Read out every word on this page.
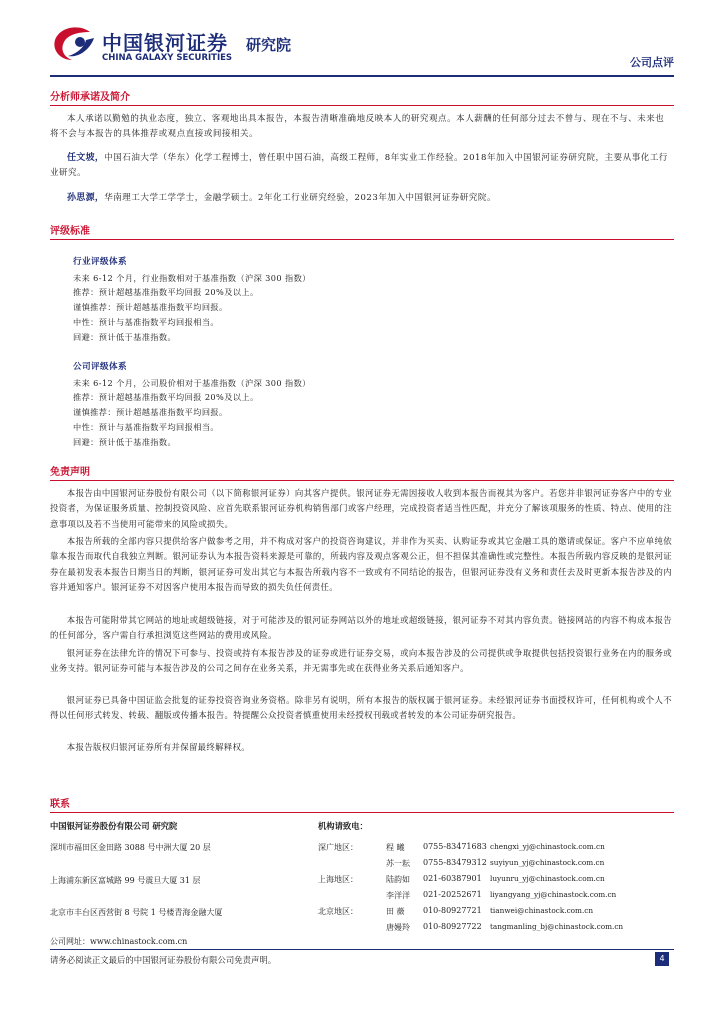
中国银河证券
CHINA GALAXY SECURITIES
研究院
公司点评
分析师承诺及简介

本人承诺以勤勉的执业态度，独立、客观地出具本报告，本报告清晰准确地反映本人的研究观点。本人薪酬的任何部分过去不曾与、现在不与、未来也将不会与本报告的具体推荐或观点直接或间接相关。

任文坡，中国石油大学（华东）化学工程博士，曾任职中国石油，高级工程师，8年实业工作经验。2018年加入中国银河证券研究院，主要从事化工行业研究。

孙思源，华南理工大学工学学士，金融学硕士。2年化工行业研究经验，2023年加入中国银河证券研究院。

评级标准
行业评级体系
未来 6-12 个月，行业指数相对于基准指数（沪深 300 指数）
推荐：预计超越基准指数平均回报 20%及以上。
谨慎推荐：预计超越基准指数平均回报。
中性：预计与基准指数平均回报相当。
回避：预计低于基准指数。
公司评级体系
未来 6-12 个月，公司股价相对于基准指数（沪深 300 指数）
推荐：预计超越基准指数平均回报 20%及以上。
谨慎推荐：预计超越基准指数平均回报。
中性：预计与基准指数平均回报相当。
回避：预计低于基准指数。
免责声明

本报告由中国银河证券股份有限公司（以下简称银河证券）向其客户提供。银河证券无需因接收人收到本报告而视其为客户。若您并非银河证券客户中的专业投资者，为保证服务质量、控制投资风险、应首先联系银河证券机构销售部门或客户经理，完成投资者适当性匹配，并充分了解该项服务的性质、特点、使用的注意事项以及若不当使用可能带来的风险或损失。

本报告所载的全部内容只提供给客户做参考之用，并不构成对客户的投资咨询建议，并非作为买卖、认购证券或其它金融工具的邀请或保证。客户不应单纯依靠本报告而取代自我独立判断。银河证券认为本报告资料来源是可靠的，所载内容及观点客观公正，但不担保其准确性或完整性。本报告所载内容反映的是银河证券在最初发表本报告日期当日的判断，银河证券可发出其它与本报告所载内容不一致或有不同结论的报告，但银河证券没有义务和责任去及时更新本报告涉及的内容并通知客户。银河证券不对因客户使用本报告而导致的损失负任何责任。

本报告可能附带其它网站的地址或超级链接，对于可能涉及的银河证券网站以外的地址或超级链接，银河证券不对其内容负责。链接网站的内容不构成本报告的任何部分，客户需自行承担浏览这些网站的费用或风险。

银河证券在法律允许的情况下可参与、投资或持有本报告涉及的证券或进行证券交易，或向本报告涉及的公司提供或争取提供包括投资银行业务在内的服务或业务支持。银河证券可能与本报告涉及的公司之间存在业务关系，并无需事先或在获得业务关系后通知客户。

银河证券已具备中国证监会批复的证券投资咨询业务资格。除非另有说明，所有本报告的版权属于银河证券。未经银河证券书面授权许可，任何机构或个人不得以任何形式转发、转载、翻版或传播本报告。特提醒公众投资者慎重使用未经授权刊载或者转发的本公司证券研究报告。

本报告版权归银河证券所有并保留最终解释权。

联系
中国银河证券股份有限公司 研究院
深圳市福田区金田路 3088 号中洲大厦 20 层
上海浦东新区富城路 99 号震旦大厦 31 层
北京市丰台区西营街 8 号院 1 号楼青海金融大厦
机构请致电：
深广地区：	程 曦	0755-83471683 chengxi_yj@chinastock.com.cn
苏一耘	0755-83479312 suyiyun_yj@chinastock.com.cn
上海地区：	陆韵如	021-60387901	luyunru_yj@chinastock.com.cn
李洋洋	021-20252671	liyangyang_yj@chinastock.com.cn
北京地区：	田 薇	010-80927721	tianwei@chinastock.com.cn
唐嫚羚	010-80927722	tangmanling_bj@chinastock.com.cn
公司网址：www.chinastock.com.cn
请务必阅读正文最后的中国银河证券股份有限公司免责声明。	4
